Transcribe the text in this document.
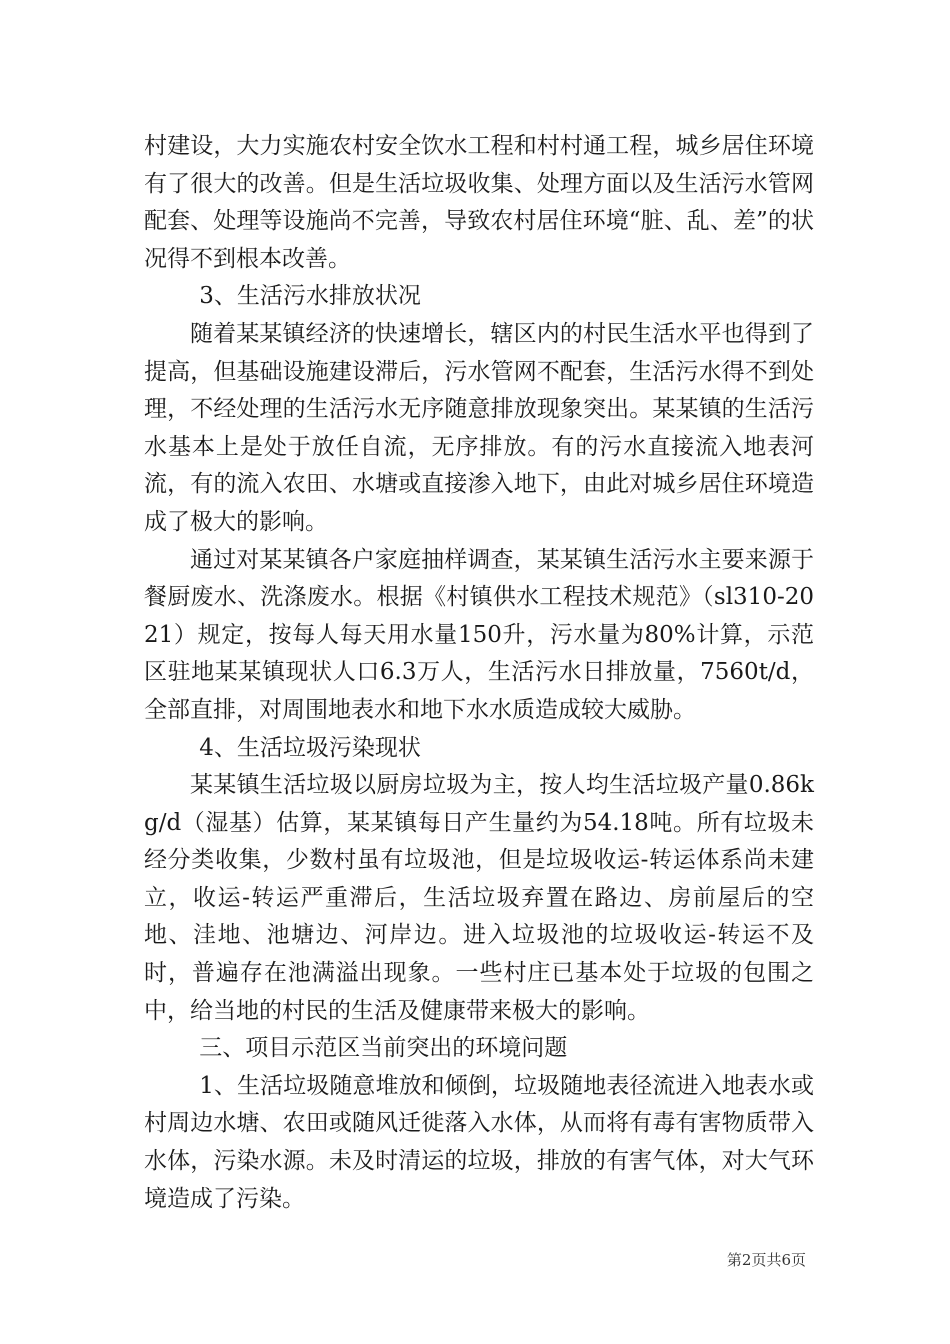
村建设，大力实施农村安全饮水工程和村村通工程，城乡居住环境有了很大的改善。但是生活垃圾收集、处理方面以及生活污水管网配套、处理等设施尚不完善，导致农村居住环境“脏、乱、差”的状况得不到根本改善。

3、生活污水排放状况

随着某某镇经济的快速增长，辖区内的村民生活水平也得到了提高，但基础设施建设滞后，污水管网不配套，生活污水得不到处理，不经处理的生活污水无序随意排放现象突出。某某镇的生活污水基本上是处于放任自流，无序排放。有的污水直接流入地表河流，有的流入农田、水塘或直接渗入地下，由此对城乡居住环境造成了极大的影响。

通过对某某镇各户家庭抽样调查，某某镇生活污水主要来源于餐厨废水、洗涤废水。根据《村镇供水工程技术规范》（sl310-2021）规定，按每人每天用水量150升，污水量为80%计算，示范区驻地某某镇现状人口6.3万人，生活污水日排放量，7560t/d，全部直排，对周围地表水和地下水水质造成较大威胁。

4、生活垃圾污染现状

某某镇生活垃圾以厨房垃圾为主，按人均生活垃圾产量0.86kg/d（湿基）估算，某某镇每日产生量约为54.18吨。所有垃圾未经分类收集，少数村虽有垃圾池，但是垃圾收运-转运体系尚未建立，收运-转运严重滞后，生活垃圾弃置在路边、房前屋后的空地、洼地、池塘边、河岸边。进入垃圾池的垃圾收运-转运不及时，普遍存在池满溢出现象。一些村庄已基本处于垃圾的包围之中，给当地的村民的生活及健康带来极大的影响。

三、项目示范区当前突出的环境问题

1、生活垃圾随意堆放和倾倒，垃圾随地表径流进入地表水或村周边水塘、农田或随风迁徙落入水体，从而将有毒有害物质带入水体，污染水源。未及时清运的垃圾，排放的有害气体，对大气环境造成了污染。

第2页共6页
